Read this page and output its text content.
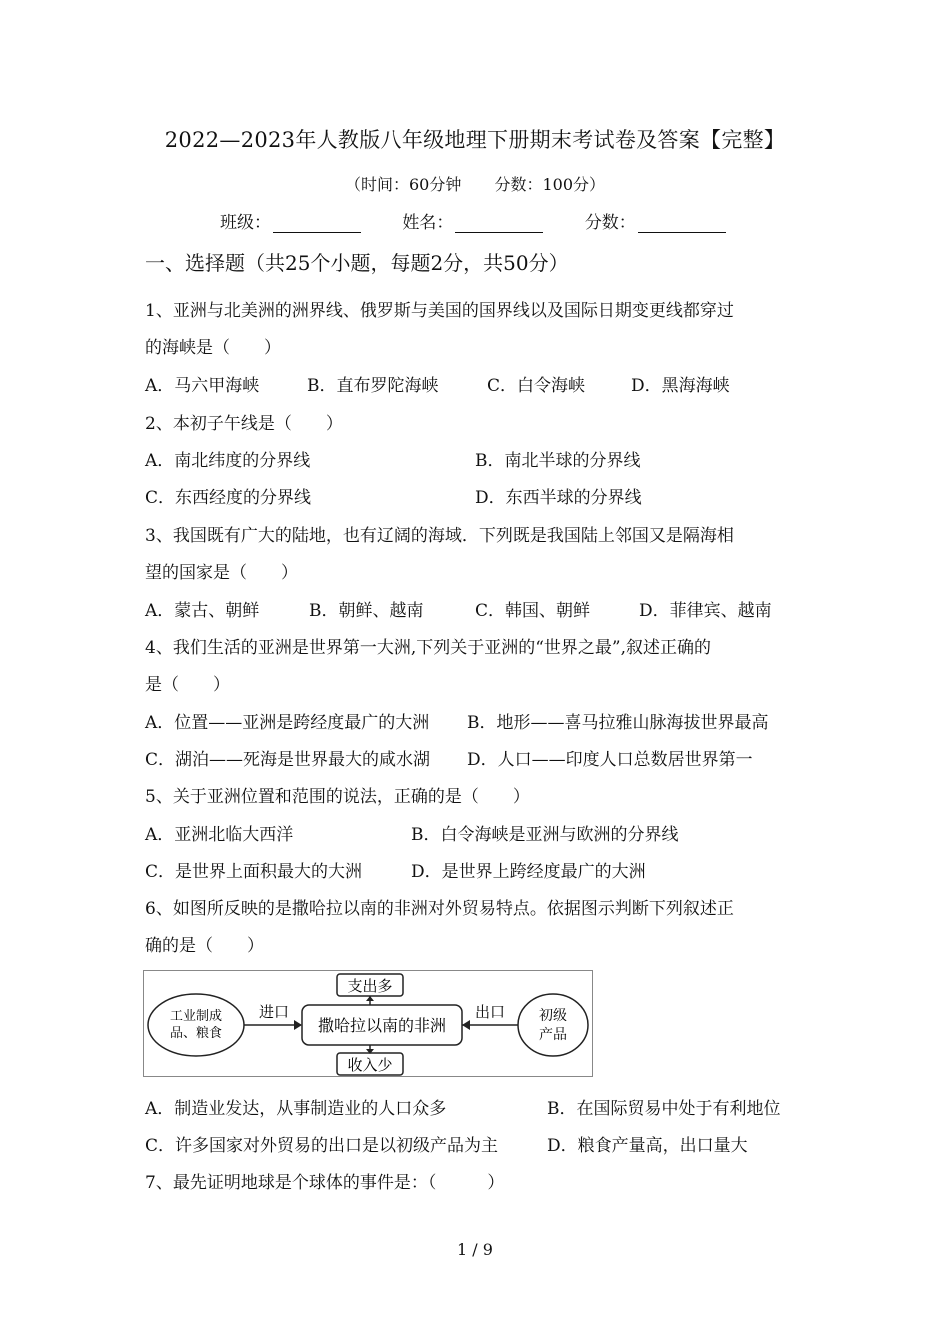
2022—2023年人教版八年级地理下册期末考试卷及答案【完整】
（时间：60分钟 分数：100分）
班级：	姓名：	分数：
一、选择题（共25个小题，每题2分，共50分）
1、亚洲与北美洲的洲界线、俄罗斯与美国的国界线以及国际日期变更线都穿过
的海峡是（　　）
A．马六甲海峡	B．直布罗陀海峡	C．白令海峡	D．黑海海峡
2、本初子午线是（　　）
A．南北纬度的分界线	B．南北半球的分界线
C．东西经度的分界线	D．东西半球的分界线
3、我国既有广大的陆地，也有辽阔的海域．下列既是我国陆上邻国又是隔海相
望的国家是（　　）
A．蒙古、朝鲜	B．朝鲜、越南	C．韩国、朝鲜	D．菲律宾、越南
4、我们生活的亚洲是世界第一大洲,下列关于亚洲的“世界之最”,叙述正确的
是（　　）
A．位置——亚洲是跨经度最广的大洲 B．地形——喜马拉雅山脉海拔世界最高
C．湖泊——死海是世界最大的咸水湖 D．人口——印度人口总数居世界第一
5、关于亚洲位置和范围的说法，正确的是（　　）
A．亚洲北临大西洋	B．白令海峡是亚洲与欧洲的分界线
C．是世界上面积最大的大洲	D．是世界上跨经度最广的大洲
6、如图所反映的是撒哈拉以南的非洲对外贸易特点。依据图示判断下列叙述正
确的是（　　）
工业制成
品、粮食
进口
撒哈拉以南的非洲
支出多
收入少
出口 初级
产品
A．制造业发达，从事制造业的人口众多	B．在国际贸易中处于有利地位
C．许多国家对外贸易的出口是以初级产品为主	D．粮食产量高，出口量大
7、最先证明地球是个球体的事件是：（　　　）
1 / 9
